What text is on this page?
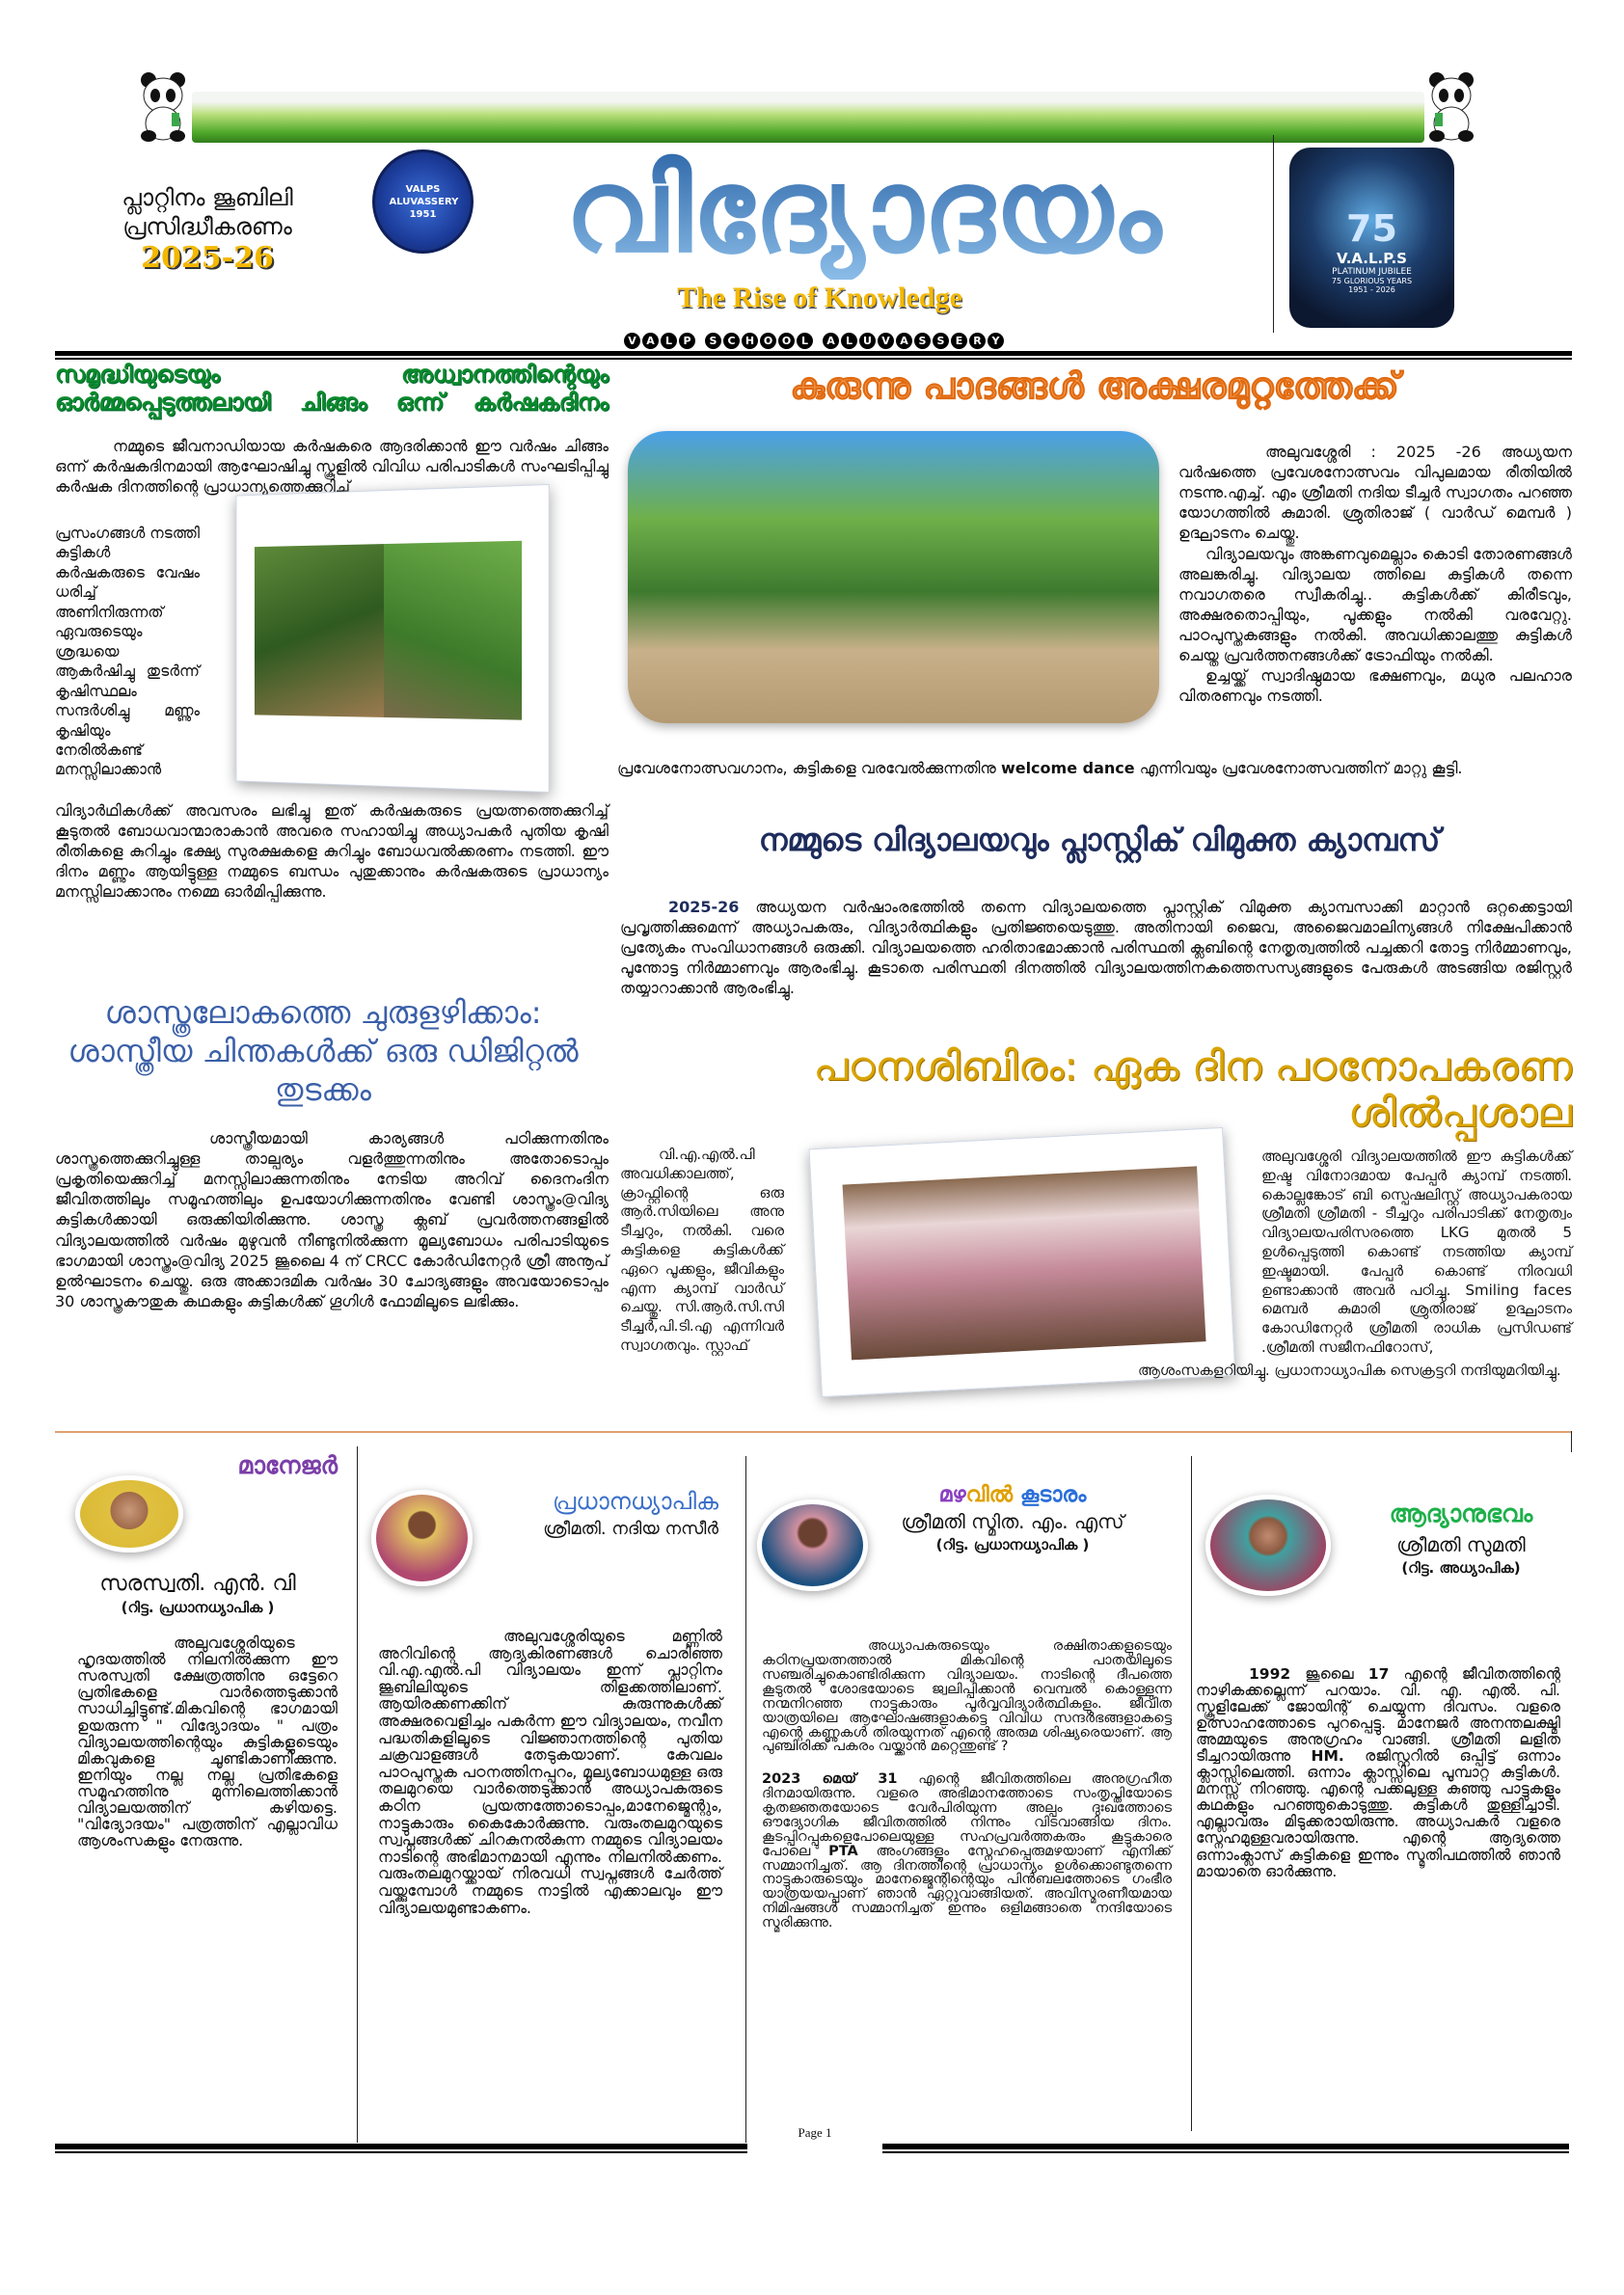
പ്ലാറ്റിനം ജൂബിലി
പ്രസിദ്ധീകരണം
2025-26
VALPS ALUVASSERY 1951	വിദ്യോദയം
The Rise of Knowledge
75
V.A.L.P.S
PLATINUM JUBILEE
75 GLORIOUS YEARS
1951 - 2026
V A L P S C H O O L A L U V A S S E R Y
സമൃദ്ധിയുടെയും അധ്വാനത്തിന്റെയും ഓർമ്മപ്പെടുത്തലായി ചിങ്ങം ഒന്ന് കർഷകദിനം

നമ്മുടെ ജീവനാഡിയായ കർഷകരെ ആദരിക്കാൻ ഈ വർഷം ചിങ്ങം ഒന്ന് കർഷകദിനമായി ആഘോഷിച്ചു സ്കൂളിൽ വിവിധ പരിപാടികൾ സംഘടിപ്പിച്ചു കർഷക ദിനത്തിന്റെ പ്രാധാന്യത്തെക്കുറിച്ച്

പ്രസംഗങ്ങൾ നടത്തി കുട്ടികൾ കർഷകരുടെ വേഷം ധരിച്ച് അണിനിരുന്നത് ഏവരുടെയും ശ്രദ്ധയെ ആകർഷിച്ചു തുടർന്ന് കൃഷിസ്ഥലം സന്ദർശിച്ചു മണ്ണും കൃഷിയും നേരിൽകണ്ട് മനസ്സിലാക്കാൻ

വിദ്യാർഥികൾക്ക് അവസരം ലഭിച്ചു ഇത് കർഷകരുടെ പ്രയത്നത്തെക്കുറിച്ച് കൂടുതൽ ബോധവാന്മാരാകാൻ അവരെ സഹായിച്ചു അധ്യാപകർ പുതിയ കൃഷി രീതികളെ കുറിച്ചും ഭക്ഷ്യ സുരക്ഷകളെ കുറിച്ചും ബോധവൽക്കരണം നടത്തി. ഈ ദിനം മണ്ണും ആയിട്ടുള്ള നമ്മുടെ ബന്ധം പുതുക്കാനും കർഷകരുടെ പ്രാധാന്യം മനസ്സിലാക്കാനും നമ്മെ ഓർമിപ്പിക്കുന്നു.

കുരുന്നു പാദങ്ങൾ അക്ഷരമുറ്റത്തേക്ക്

അലുവശ്ശേരി : 2025 -26 അധ്യയന വർഷത്തെ പ്രവേശനോത്സവം വിപുലമായ രീതിയിൽ നടന്നു.എച്ച്. എം ശ്രീമതി നദിയ ടീച്ചർ സ്വാഗതം പറഞ്ഞ യോഗത്തിൽ കുമാരി. ശ്രുതിരാജ് ( വാർഡ് മെമ്പർ ) ഉദ്ഘാടനം ചെയ്തു.

വിദ്യാലയവും അങ്കണവുമെല്ലാം കൊടി തോരണങ്ങൾ അലങ്കരിച്ചു. വിദ്യാലയ ത്തിലെ കുട്ടികൾ തന്നെ നവാഗതരെ സ്വീകരിച്ചു.. കുട്ടികൾക്ക് കിരീടവും, അക്ഷരതൊപ്പിയും, പൂക്കളും നൽകി വരവേറ്റു. പാഠപുസ്തകങ്ങളും നൽകി. അവധിക്കാലത്തു കുട്ടികൾ ചെയ്ത പ്രവർത്തനങ്ങൾക്ക് ട്രോഫിയും നൽകി.

ഉച്ചയ്ക്ക് സ്വാദിഷ്ഠമായ ഭക്ഷണവും, മധുര പലഹാര വിതരണവും നടത്തി.

പ്രവേശനോത്സവഗാനം, കുട്ടികളെ വരവേൽക്കുന്നതിനു welcome dance എന്നിവയും പ്രവേശനോത്സവത്തിന് മാറ്റു കൂട്ടി.

നമ്മുടെ വിദ്യാലയവും പ്ലാസ്റ്റിക് വിമുക്ത ക്യാമ്പസ്

2025-26 അധ്യയന വർഷാംരഭത്തിൽ തന്നെ വിദ്യാലയത്തെ പ്ലാസ്റ്റിക് വിമുക്ത ക്യാമ്പസാക്കി മാറ്റാൻ ഒറ്റക്കെട്ടായി പ്രവൃത്തിക്കുമെന്ന് അധ്യാപകരും, വിദ്യാർത്ഥികളും പ്രതിജ്ഞയെടുത്തു. അതിനായി ജൈവ, അജൈവമാലിന്യങ്ങൾ നിക്ഷേപിക്കാൻ പ്രത്യേകം സംവിധാനങ്ങൾ ഒരുക്കി. വിദ്യാലയത്തെ ഹരിതാഭമാക്കാൻ പരിസ്ഥതി ക്ലബിന്റെ നേതൃത്വത്തിൽ പച്ചക്കറി തോട്ട നിർമ്മാണവും, പൂന്തോട്ട നിർമ്മാണവും ആരംഭിച്ചു. കൂടാതെ പരിസ്ഥതി ദിനത്തിൽ വിദ്യാലയത്തിനകത്തെസസ്യങ്ങളുടെ പേരുകൾ അടങ്ങിയ രജിസ്റ്റർ തയ്യാറാക്കാൻ ആരംഭിച്ചു.

ശാസ്ത്രലോകത്തെ ചുരുളഴിക്കാം: ശാസ്ത്രീയ ചിന്തകൾക്ക് ഒരു ഡിജിറ്റൽ തുടക്കം

ശാസ്ത്രീയമായി കാര്യങ്ങൾ പഠിക്കുന്നതിനും ശാസ്ത്രത്തെക്കുറിച്ചുള്ള താല്പര്യം വളർത്തുന്നതിനും അതോടൊപ്പം പ്രകൃതിയെക്കുറിച്ച് മനസ്സിലാക്കുന്നതിനും നേടിയ അറിവ് ദൈനംദിന ജീവിതത്തിലും സമൂഹത്തിലും ഉപയോഗിക്കുന്നതിനും വേണ്ടി ശാസ്ത്രം@വിദ്യ കുട്ടികൾക്കായി ഒരുക്കിയിരിക്കുന്നു. ശാസ്ത്ര ക്ലബ് പ്രവർത്തനങ്ങളിൽ വിദ്യാലയത്തിൽ വർഷം മുഴുവൻ നീണ്ടുനിൽക്കുന്ന മൂല്യബോധം പരിപാടിയുടെ ഭാഗമായി ശാസ്ത്രം@വിദ്യ 2025 ജൂലൈ 4 ന് CRCC കോർഡിനേറ്റർ ശ്രീ അനൂപ് ഉൽഘാടനം ചെയ്തു. ഒരു അക്കാദമിക വർഷം 30 ചോദ്യങ്ങളും അവയോടൊപ്പം 30 ശാസ്ത്രകൗതുക കഥകളും കുട്ടികൾക്ക് ഗൂഗിൾ ഫോമിലൂടെ ലഭിക്കും.

പഠനശിബിരം: ഏക ദിന പഠനോപകരണ ശിൽപ്പശാല

വി.എ.എൽ.പി അവധിക്കാലത്ത്, ക്രാഫ്റ്റിന്റെ ഒരു ആർ.സിയിലെ അനു ടീച്ചറും, നൽകി. വരെ കുട്ടികളെ കുട്ടികൾക്ക് ഏറെ പൂക്കളും, ജീവികളും എന്ന ക്യാമ്പ് വാർഡ് ചെയ്തു. സി.ആർ.സി.സി ടീച്ചർ,പി.ടി.എ എന്നിവർ സ്വാഗതവും. സ്റ്റാഫ്

അലുവശ്ശേരി വിദ്യാലയത്തിൽ ഈ കുട്ടികൾക്ക് ഇഷ്ട വിനോദമായ പേപ്പർ ക്യാമ്പ് നടത്തി. കൊല്ലങ്കോട് ബി സ്പെഷലിസ്റ്റ് അധ്യാപകരായ ശ്രീമതി ശ്രീമതി - ടീച്ചറും പരിപാടിക്ക് നേതൃത്വം വിദ്യാലയപരിസരത്തെ LKG മുതൽ 5 ഉൾപ്പെടുത്തി കൊണ്ട് നടത്തിയ ക്യാമ്പ് ഇഷ്ടമായി. പേപ്പർ കൊണ്ട് നിരവധി ഉണ്ടാക്കാൻ അവർ പഠിച്ചു. Smiling faces മെമ്പർ കുമാരി ശ്രുതിരാജ് ഉദ്ഘാടനം കോഡിനേറ്റർ ശ്രീമതി രാധിക പ്രസിഡണ്ട് .ശ്രീമതി സജീനഫിറോസ്,

ആശംസകളറിയിച്ചു. പ്രധാനാധ്യാപിക സെക്രട്ടറി നന്ദിയുമറിയിച്ചു.

മാനേജർ
സരസ്വതി. എൻ. വി
(റിട്ട. പ്രധാനധ്യാപിക )

അലുവശ്ശേരിയുടെ ഹൃദയത്തിൽ നിലനിൽക്കുന്ന ഈ സരസ്വതി ക്ഷേത്രത്തിനു ഒട്ടേറെ പ്രതിഭകളെ വാർത്തെടുക്കാൻ സാധിച്ചിട്ടുണ്ട്.മികവിന്റെ ഭാഗമായി ഉയരുന്ന " വിദ്യോദയം " പത്രം വിദ്യാലയത്തിന്റെയും കുട്ടികളുടെയും മികവുകളെ ചൂണ്ടികാണിക്കുന്നു. ഇനിയും നല്ല നല്ല പ്രതിഭകളെ സമൂഹത്തിനു മുന്നിലെത്തിക്കാൻ വിദ്യാലയത്തിന് കഴിയട്ടെ. "വിദ്യോദയം" പത്രത്തിന് എല്ലാവിധ ആശംസകളും നേരുന്നു.

പ്രധാനധ്യാപിക
ശ്രീമതി. നദിയ നസീർ

അലുവശ്ശേരിയുടെ മണ്ണിൽ അറിവിന്റെ ആദ്യകിരണങ്ങൾ ചൊരിഞ്ഞ വി.എ.എൽ.പി വിദ്യാലയം ഇന്ന് പ്ലാറ്റിനം ജൂബിലിയുടെ തിളക്കത്തിലാണ്. ആയിരക്കണക്കിന് കുരുന്നുകൾക്ക് അക്ഷരവെളിച്ചം പകർന്ന ഈ വിദ്യാലയം, നവീന പദ്ധതികളിലൂടെ വിജ്ഞാനത്തിന്റെ പുതിയ ചക്രവാളങ്ങൾ തേടുകയാണ്. കേവലം പാഠപുസ്തക പഠനത്തിനപ്പുറം, മൂല്യബോധമുള്ള ഒരു തലമുറയെ വാർത്തെടുക്കാൻ അധ്യാപകരുടെ കഠിന പ്രയത്നത്തോടൊപ്പം,മാനേജ്മെന്റും, നാട്ടുകാരും കൈകോർക്കുന്നു. വരുംതലമുറയുടെ സ്വപ്നങ്ങൾക്ക് ചിറകുനൽകുന്ന നമ്മുടെ വിദ്യാലയം നാടിന്റെ അഭിമാനമായി എന്നും നിലനിൽക്കണം. വരുംതലമുറയ്ക്കായ് നിരവധി സ്വപ്നങ്ങൾ ചേർത്ത് വയ്ക്കുമ്പോൾ നമ്മുടെ നാട്ടിൽ എക്കാലവും ഈ വിദ്യാലയമുണ്ടാകണം.

മഴവിൽ കൂടാരം
ശ്രീമതി സ്മിത. എം. എസ്
(റിട്ട. പ്രധാനധ്യാപിക )

അധ്യാപകരുടെയും രക്ഷിതാക്കളുടെയും കഠിനപ്രയത്നത്താൽ മികവിന്റെ പാതയിലൂടെ സഞ്ചരിച്ചുകൊണ്ടിരിക്കുന്ന വിദ്യാലയം. നാടിന്റെ ദീപത്തെ കൂടുതൽ ശോഭയോടെ ജ്വലിപ്പിക്കാൻ വെമ്പൽ കൊള്ളുന്ന നന്മനിറഞ്ഞ നാട്ടുകാരും പൂർവ്വവിദ്യാർത്ഥികളും. ജീവിത യാത്രയിലെ ആഘോഷങ്ങളാകട്ടെ വിവിധ സന്ദർഭങ്ങളാകട്ടെ എന്റെ കണ്ണുകൾ തിരയുന്നത് എന്റെ അരുമ ശിഷ്യരെയാണ്. ആ പുഞ്ചിരിക്ക് പകരം വയ്ക്കാൻ മറ്റെന്തുണ്ട് ?

2023 മെയ് 31 എന്റെ ജീവിതത്തിലെ അനുഗ്രഹീത ദിനമായിരുന്നു. വളരെ അഭിമാനത്തോടെ സംതൃപ്തിയോടെ കൃതജ്ഞതയോടെ വേർപിരിയുന്ന അല്പം ദുഃഖത്തോടെ ഔദ്യോഗിക ജീവിതത്തിൽ നിന്നും വിടവാങ്ങിയ ദിനം. കൂടപ്പിറപ്പുകളെപോലെയുള്ള സഹപ്രവർത്തകരും കൂട്ടുകാരെ പോലെ PTA അംഗങ്ങളും സ്നേഹപ്പെരുമഴയാണ് എനിക്ക് സമ്മാനിച്ചത്. ആ ദിനത്തിന്റെ പ്രാധാന്യം ഉൾക്കൊണ്ടുതന്നെ നാട്ടുകാരുടെയും മാനേജ്മെന്റിന്റെയും പിൻബലത്തോടെ ഗംഭീര യാത്രയയപ്പാണ് ഞാൻ ഏറ്റുവാങ്ങിയത്. അവിസ്മരണീയമായ നിമിഷങ്ങൾ സമ്മാനിച്ചത് ഇന്നും ഒളിമങ്ങാതെ നന്ദിയോടെ സ്മരിക്കുന്നു.

ആദ്യാനുഭവം
ശ്രീമതി സുമതി
(റിട്ട. അധ്യാപിക)

1992 ജൂലൈ 17 എന്റെ ജീവിതത്തിന്റെ നാഴികക്കല്ലെന്ന് പറയാം. വി. എ. എൽ. പി. സ്കൂളിലേക്ക് ജോയിന്റ് ചെയ്യുന്ന ദിവസം. വളരെ ഉത്സാഹത്തോടെ പുറപ്പെട്ടു. മാനേജർ അനന്തലക്ഷ്മി അമ്മയുടെ അനുഗ്രഹം വാങ്ങി. ശ്രീമതി ലളിത ടീച്ചറായിരുന്നു HM. രജിസ്റ്ററിൽ ഒപ്പിട്ട് ഒന്നാം ക്ലാസ്സിലെത്തി. ഒന്നാം ക്ലാസ്സിലെ പൂമ്പാറ്റ കുട്ടികൾ. മനസ്സ് നിറഞ്ഞു. എന്റെ പക്കലുള്ള കുഞ്ഞു പാട്ടുകളും കഥകളും പറഞ്ഞുകൊടുത്തു. കുട്ടികൾ തുള്ളിച്ചാടി. എല്ലാവരും മിടുക്കരായിരുന്നു. അധ്യാപകർ വളരെ സ്നേഹമുള്ളവരായിരുന്നു. എന്റെ ആദ്യത്തെ ഒന്നാംക്ലാസ് കുട്ടികളെ ഇന്നും സ്മൃതിപഥത്തിൽ ഞാൻ മായാതെ ഓർക്കുന്നു.

Page 1
